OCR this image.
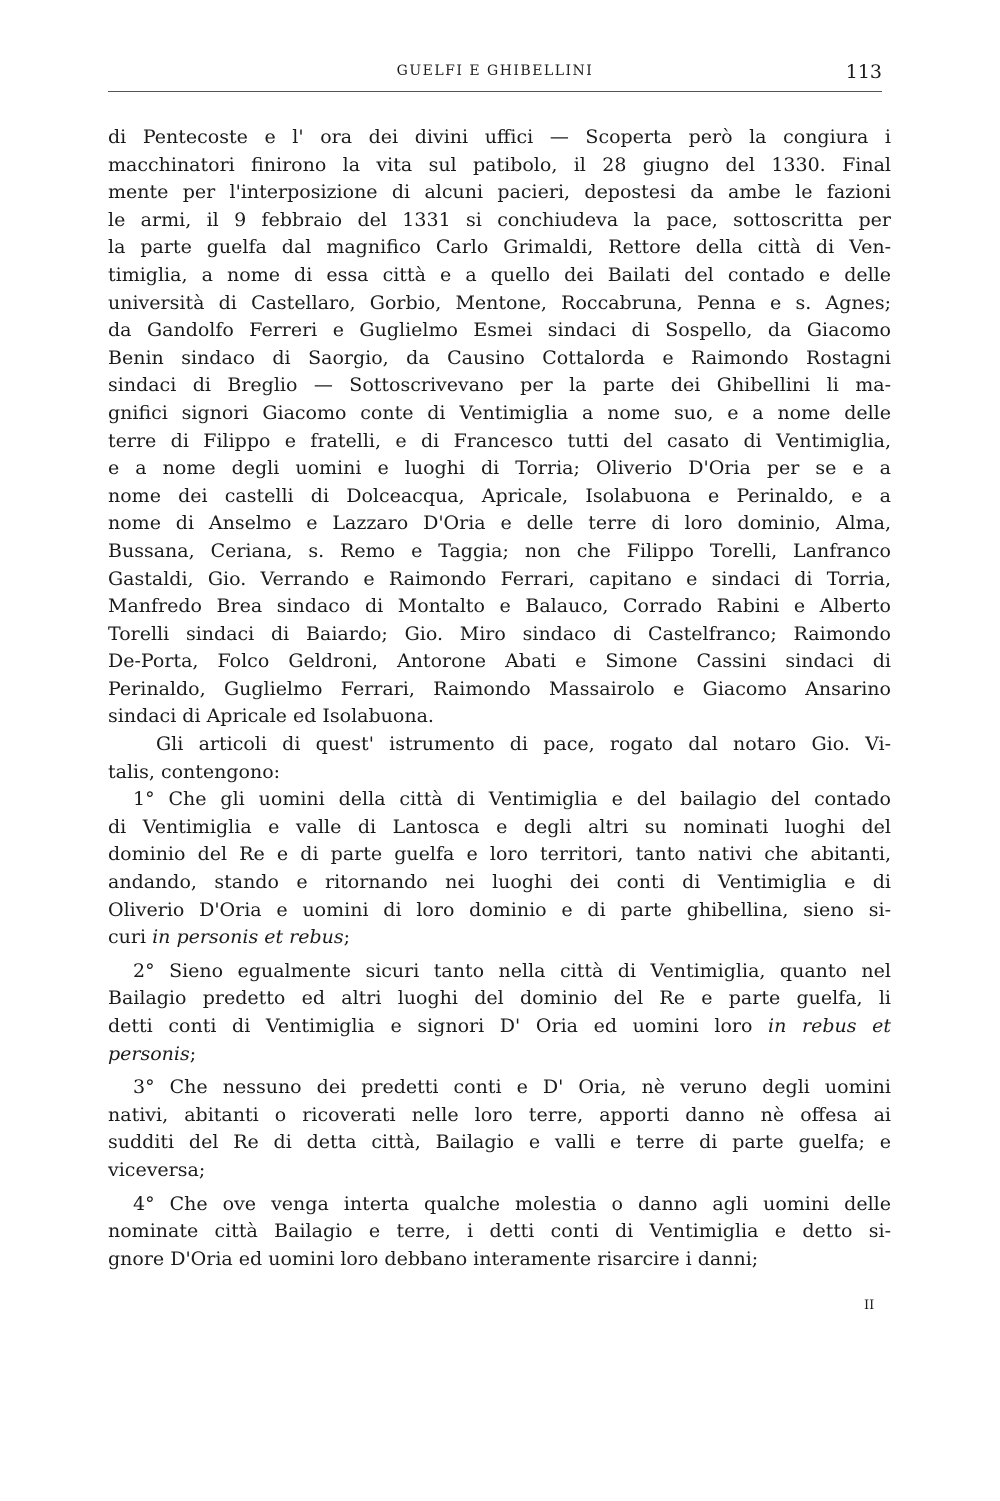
GUELFI E GHIBELLINI	113
di Pentecoste e l' ora dei divini uffici — Scoperta però la congiura i
macchinatori finirono la vita sul patibolo, il 28 giugno del 1330. Final
mente per l'interposizione di alcuni pacieri, depostesi da ambe le fazioni
le armi, il 9 febbraio del 1331 si conchiudeva la pace, sottoscritta per
la parte guelfa dal magnifico Carlo Grimaldi, Rettore della città di Ven-
timiglia, a nome di essa città e a quello dei Bailati del contado e delle
università di Castellaro, Gorbio, Mentone, Roccabruna, Penna e s. Agnes;
da Gandolfo Ferreri e Guglielmo Esmei sindaci di Sospello, da Giacomo
Benin sindaco di Saorgio, da Causino Cottalorda e Raimondo Rostagni
sindaci di Breglio — Sottoscrivevano per la parte dei Ghibellini li ma-
gnifici signori Giacomo conte di Ventimiglia a nome suo, e a nome delle
terre di Filippo e fratelli, e di Francesco tutti del casato di Ventimiglia,
e a nome degli uomini e luoghi di Torria; Oliverio D'Oria per se e a
nome dei castelli di Dolceacqua, Apricale, Isolabuona e Perinaldo, e a
nome di Anselmo e Lazzaro D'Oria e delle terre di loro dominio, Alma,
Bussana, Ceriana, s. Remo e Taggia; non che Filippo Torelli, Lanfranco
Gastaldi, Gio. Verrando e Raimondo Ferrari, capitano e sindaci di Torria,
Manfredo Brea sindaco di Montalto e Balauco, Corrado Rabini e Alberto
Torelli sindaci di Baiardo; Gio. Miro sindaco di Castelfranco; Raimondo
De-Porta, Folco Geldroni, Antorone Abati e Simone Cassini sindaci di
Perinaldo, Guglielmo Ferrari, Raimondo Massairolo e Giacomo Ansarino
sindaci di Apricale ed Isolabuona.
Gli articoli di quest' istrumento di pace, rogato dal notaro Gio. Vi-
talis, contengono:
1° Che gli uomini della città di Ventimiglia e del bailagio del contado
di Ventimiglia e valle di Lantosca e degli altri su nominati luoghi del
dominio del Re e di parte guelfa e loro territori, tanto nativi che abitanti,
andando, stando e ritornando nei luoghi dei conti di Ventimiglia e di
Oliverio D'Oria e uomini di loro dominio e di parte ghibellina, sieno si-
curi in personis et rebus;
2° Sieno egualmente sicuri tanto nella città di Ventimiglia, quanto nel
Bailagio predetto ed altri luoghi del dominio del Re e parte guelfa, li
detti conti di Ventimiglia e signori D' Oria ed uomini loro in rebus et
personis;
3° Che nessuno dei predetti conti e D' Oria, nè veruno degli uomini
nativi, abitanti o ricoverati nelle loro terre, apporti danno nè offesa ai
sudditi del Re di detta città, Bailagio e valli e terre di parte guelfa; e
viceversa;
4° Che ove venga interta qualche molestia o danno agli uomini delle
nominate città Bailagio e terre, i detti conti di Ventimiglia e detto si-
gnore D'Oria ed uomini loro debbano interamente risarcire i danni;
II
